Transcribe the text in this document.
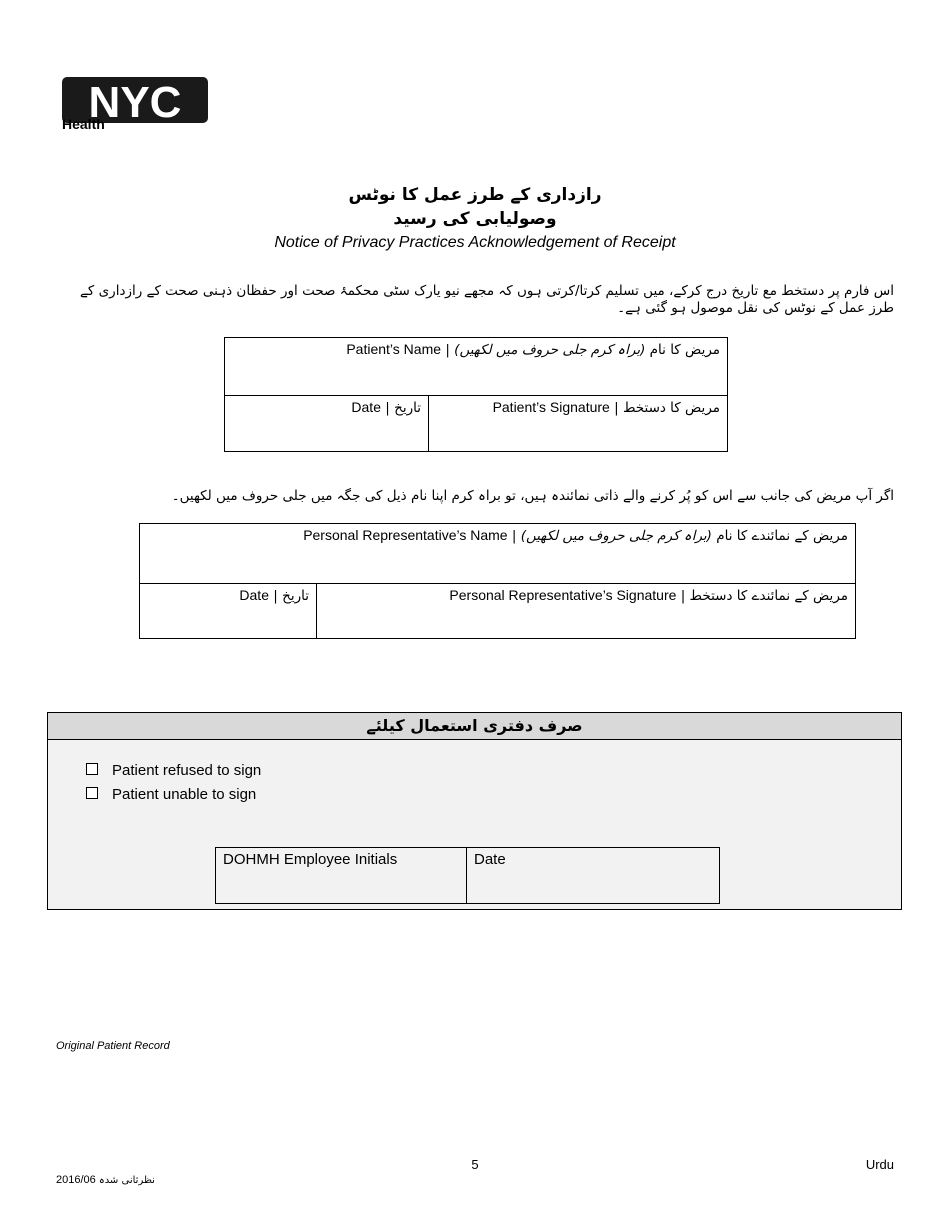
NYC
Health
رازداری کے طرز عمل کا نوٹس
وصولیابی کی رسید
Notice of Privacy Practices Acknowledgement of Receipt
اس فارم پر دستخط مع تاریخ درج کرکے، میں تسلیم کرتا/کرتی ہوں کہ مجھے نیو یارک سٹی محکمۂ صحت اور حفظان ذہنی صحت کے رازداری کے طرز عمل کے نوٹس کی نقل موصول ہو گئی ہے۔
مریض کا نام (براہ کرم جلی حروف میں لکھیں) | Patient’s Name
تاریخ | Date	مریض کا دستخط | Patient’s Signature
اگر آپ مریض کی جانب سے اس کو پُر کرنے والے ذاتی نمائندہ ہیں، تو براہ کرم اپنا نام ذیل کی جگہ میں جلی حروف میں لکھیں۔
مریض کے نمائندے کا نام (براہ کرم جلی حروف میں لکھیں) | Personal Representative’s Name
تاریخ | Date	مریض کے نمائندے کا دستخط | Personal Representative’s Signature
صرف دفتری استعمال کیلئے
Patient refused to sign
Patient unable to sign
DOHMH Employee Initials	Date
Original Patient Record
5	Urdu
2016/06 نظرثانی شدہ
